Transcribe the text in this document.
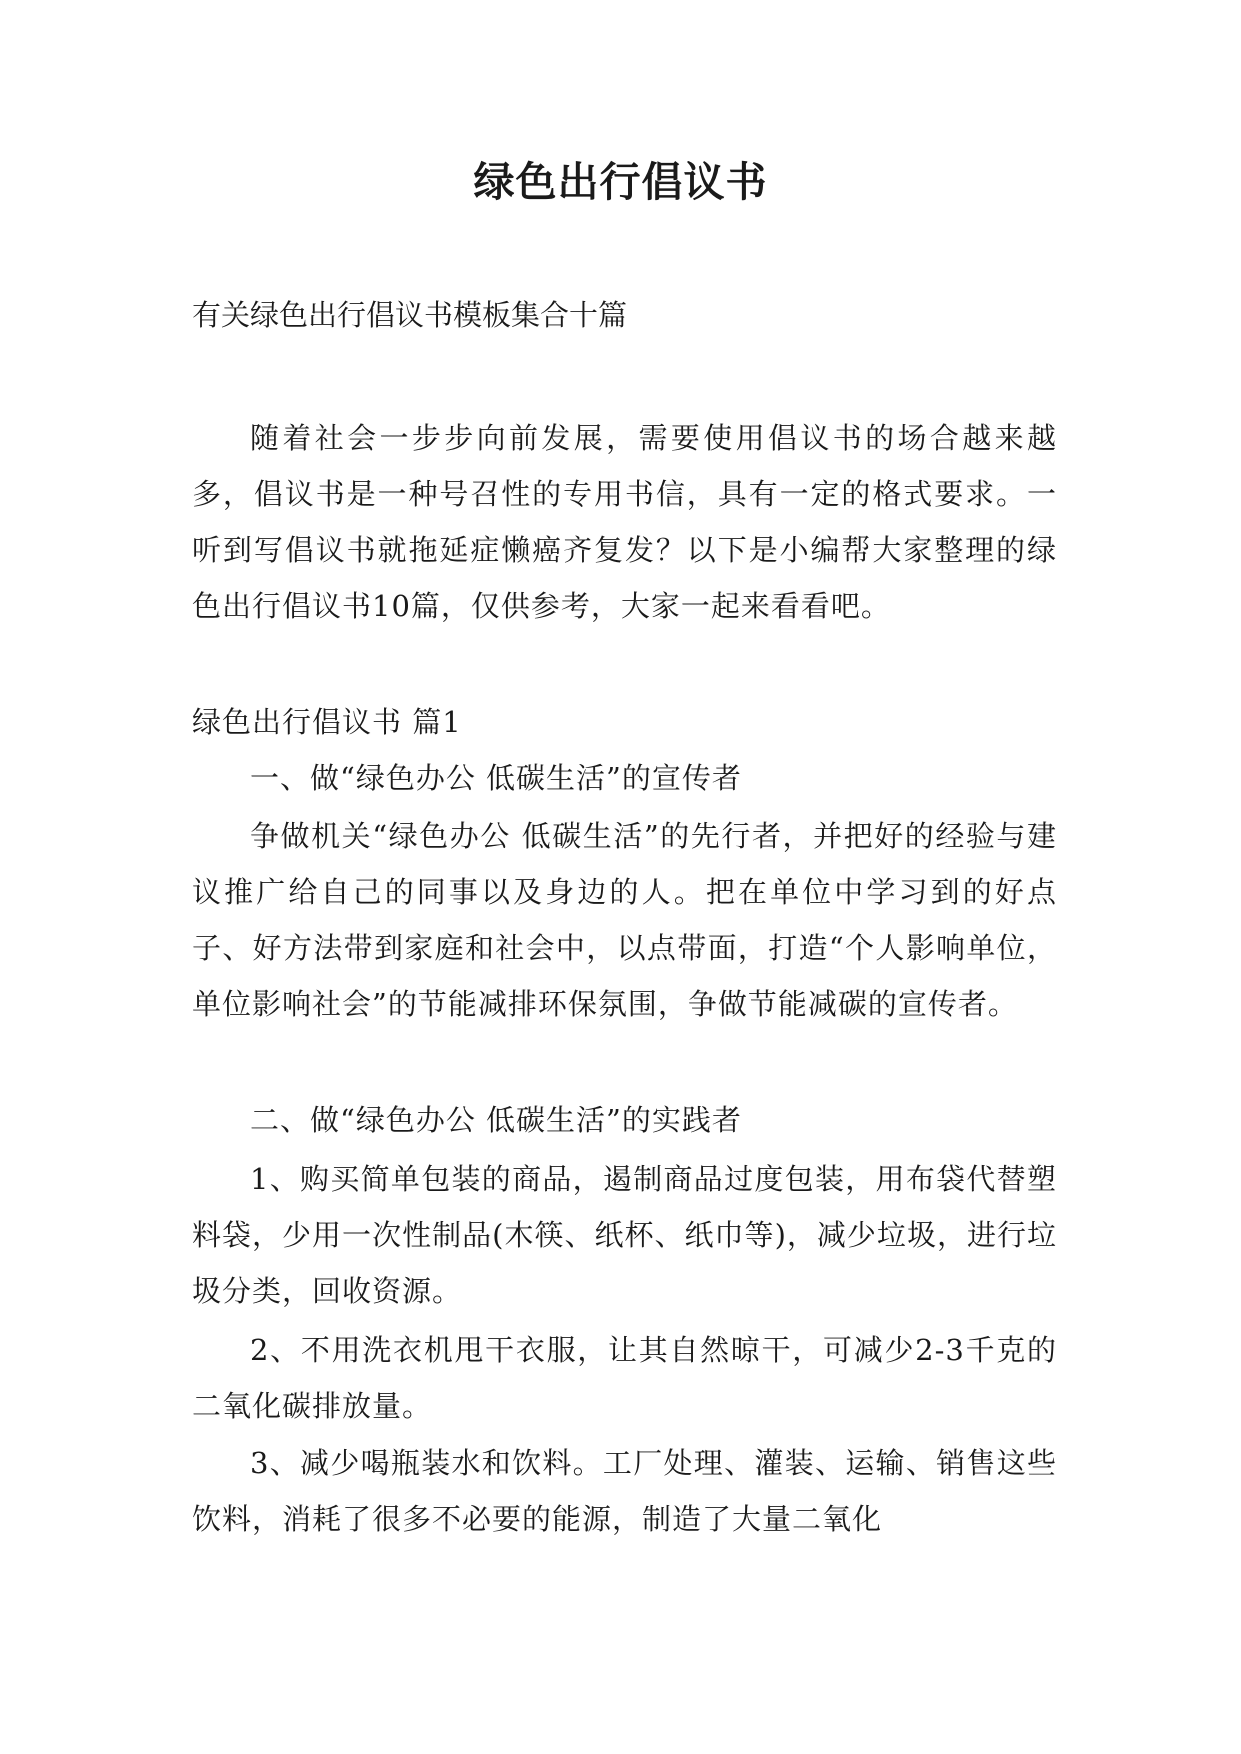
绿色出行倡议书

有关绿色出行倡议书模板集合十篇

随着社会一步步向前发展，需要使用倡议书的场合越来越多，倡议书是一种号召性的专用书信，具有一定的格式要求。一听到写倡议书就拖延症懒癌齐复发？以下是小编帮大家整理的绿色出行倡议书10篇，仅供参考，大家一起来看看吧。

绿色出行倡议书 篇1

一、做“绿色办公 低碳生活”的宣传者

争做机关“绿色办公 低碳生活”的先行者，并把好的经验与建议推广给自己的同事以及身边的人。把在单位中学习到的好点子、好方法带到家庭和社会中，以点带面，打造“个人影响单位，单位影响社会”的节能减排环保氛围，争做节能减碳的宣传者。

二、做“绿色办公 低碳生活”的实践者

1、购买简单包装的商品，遏制商品过度包装，用布袋代替塑料袋，少用一次性制品(木筷、纸杯、纸巾等)，减少垃圾，进行垃圾分类，回收资源。

2、不用洗衣机甩干衣服，让其自然晾干，可减少2-3千克的二氧化碳排放量。

3、减少喝瓶装水和饮料。工厂处理、灌装、运输、销售这些饮料，消耗了很多不必要的能源，制造了大量二氧化
